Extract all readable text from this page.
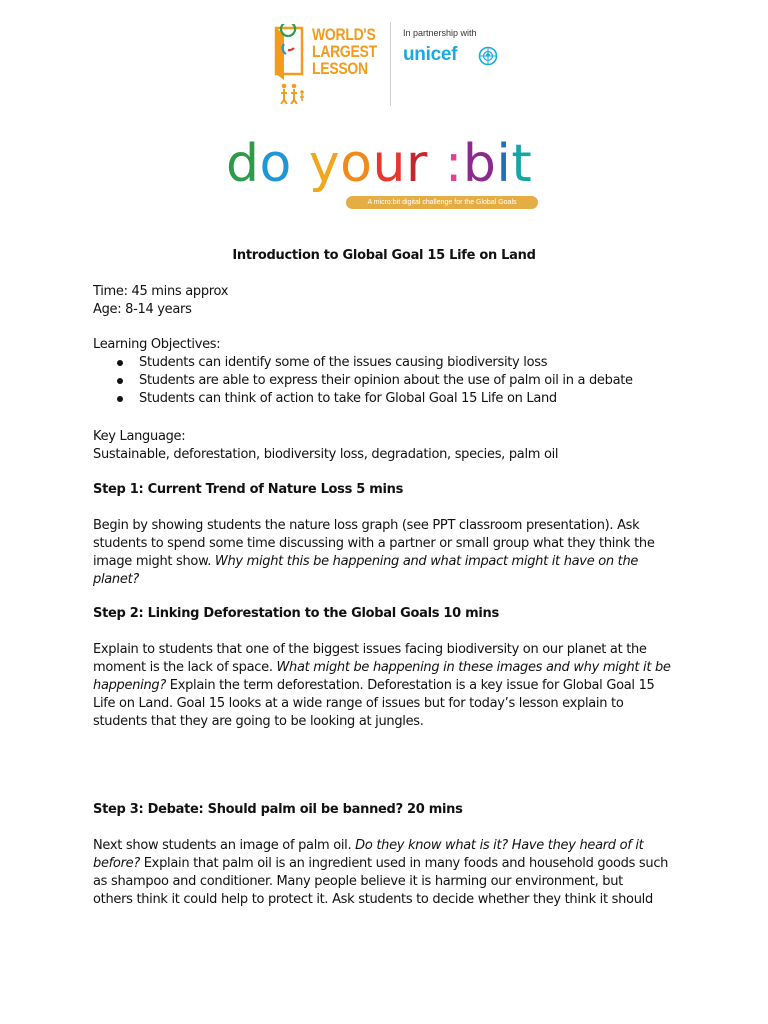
WORLD'S
LARGEST
LESSON
In partnership with
unicef
do your :bit
A micro:bit digital challenge for the Global Goals
Introduction to Global Goal 15 Life on Land
Time: 45 mins approx
Age: 8-14 years
Learning Objectives:
Students can identify some of the issues causing biodiversity loss
Students are able to express their opinion about the use of palm oil in a debate
Students can think of action to take for Global Goal 15 Life on Land
Key Language:
Sustainable, deforestation, biodiversity loss, degradation, species, palm oil
Step 1: Current Trend of Nature Loss 5 mins
Begin by showing students the nature loss graph (see PPT classroom presentation). Ask
students to spend some time discussing with a partner or small group what they think the
image might show. Why might this be happening and what impact might it have on the
planet?
Step 2: Linking Deforestation to the Global Goals 10 mins
Explain to students that one of the biggest issues facing biodiversity on our planet at the
moment is the lack of space. What might be happening in these images and why might it be
happening? Explain the term deforestation. Deforestation is a key issue for Global Goal 15
Life on Land. Goal 15 looks at a wide range of issues but for today’s lesson explain to
students that they are going to be looking at jungles.
Step 3: Debate: Should palm oil be banned? 20 mins
Next show students an image of palm oil. Do they know what is it? Have they heard of it
before? Explain that palm oil is an ingredient used in many foods and household goods such
as shampoo and conditioner. Many people believe it is harming our environment, but
others think it could help to protect it. Ask students to decide whether they think it should
